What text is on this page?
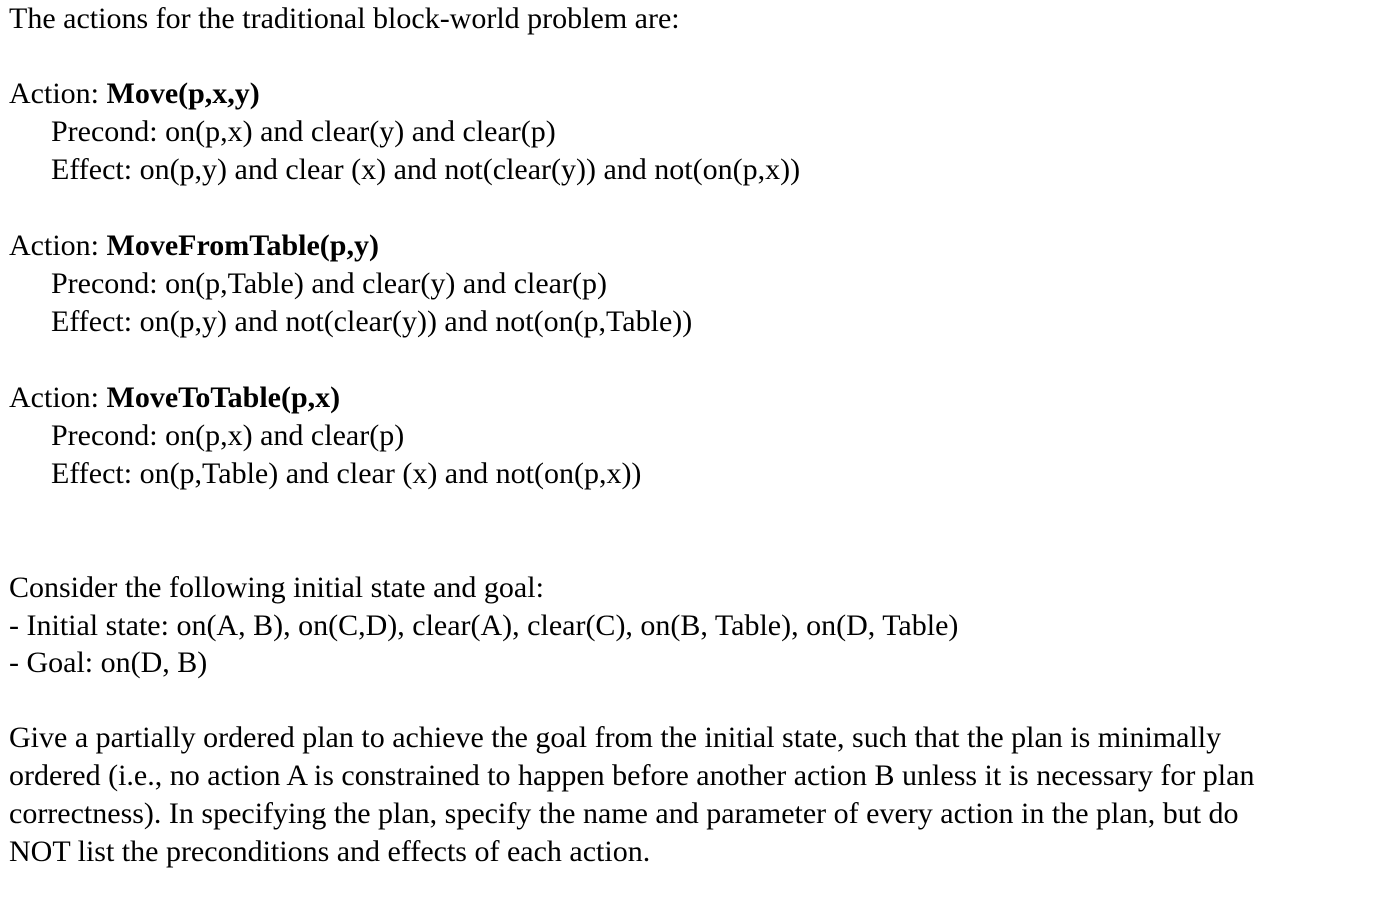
The actions for the traditional block-world problem are:
Action: Move(p,x,y)
Precond: on(p,x) and clear(y) and clear(p)
Effect: on(p,y) and clear (x) and not(clear(y)) and not(on(p,x))
Action: MoveFromTable(p,y)
Precond: on(p,Table) and clear(y) and clear(p)
Effect: on(p,y) and not(clear(y)) and not(on(p,Table))
Action: MoveToTable(p,x)
Precond: on(p,x) and clear(p)
Effect: on(p,Table) and clear (x) and not(on(p,x))
Consider the following initial state and goal:
- Initial state: on(A, B), on(C,D), clear(A), clear(C), on(B, Table), on(D, Table)
- Goal: on(D, B)
Give a partially ordered plan to achieve the goal from the initial state, such that the plan is minimally
ordered (i.e., no action A is constrained to happen before another action B unless it is necessary for plan
correctness). In specifying the plan, specify the name and parameter of every action in the plan, but do
NOT list the preconditions and effects of each action.
